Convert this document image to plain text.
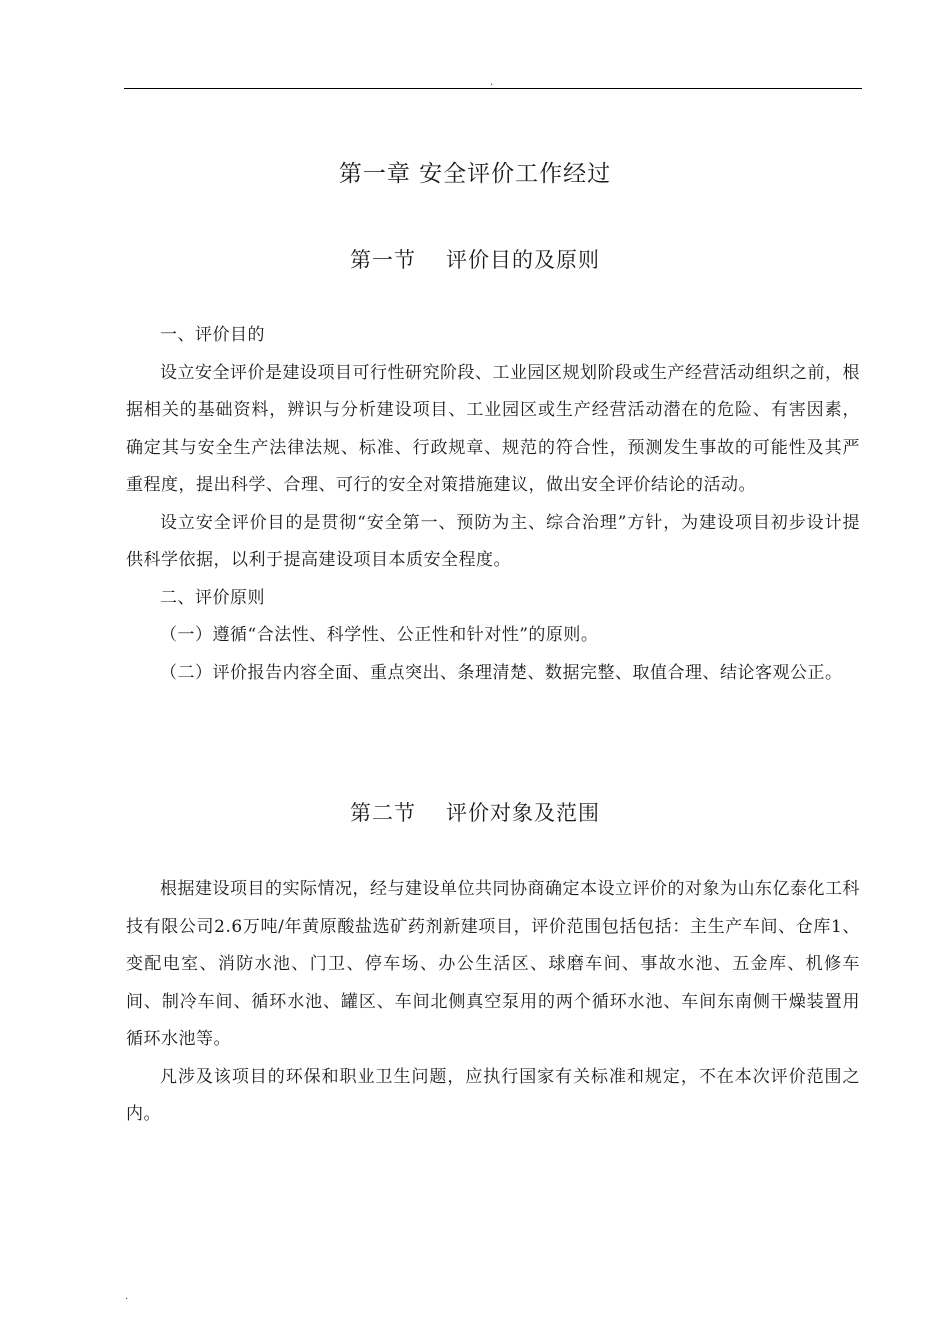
.
第一章 安全评价工作经过
第一节 评价目的及原则

一、评价目的

设立安全评价是建设项目可行性研究阶段、工业园区规划阶段或生产经营活动组织之前，根据相关的基础资料，辨识与分析建设项目、工业园区或生产经营活动潜在的危险、有害因素，确定其与安全生产法律法规、标准、行政规章、规范的符合性，预测发生事故的可能性及其严重程度，提出科学、合理、可行的安全对策措施建议，做出安全评价结论的活动。

设立安全评价目的是贯彻“安全第一、预防为主、综合治理”方针，为建设项目初步设计提供科学依据，以利于提高建设项目本质安全程度。

二、评价原则

（一）遵循“合法性、科学性、公正性和针对性”的原则。

（二）评价报告内容全面、重点突出、条理清楚、数据完整、取值合理、结论客观公正。

第二节 评价对象及范围

根据建设项目的实际情况，经与建设单位共同协商确定本设立评价的对象为山东亿泰化工科技有限公司2.6万吨/年黄原酸盐选矿药剂新建项目，评价范围包括包括：主生产车间、仓库1、变配电室、消防水池、门卫、停车场、办公生活区、球磨车间、事故水池、五金库、机修车间、制冷车间、循环水池、罐区、车间北侧真空泵用的两个循环水池、车间东南侧干燥装置用循环水池等。

凡涉及该项目的环保和职业卫生问题，应执行国家有关标准和规定，不在本次评价范围之内。

.
